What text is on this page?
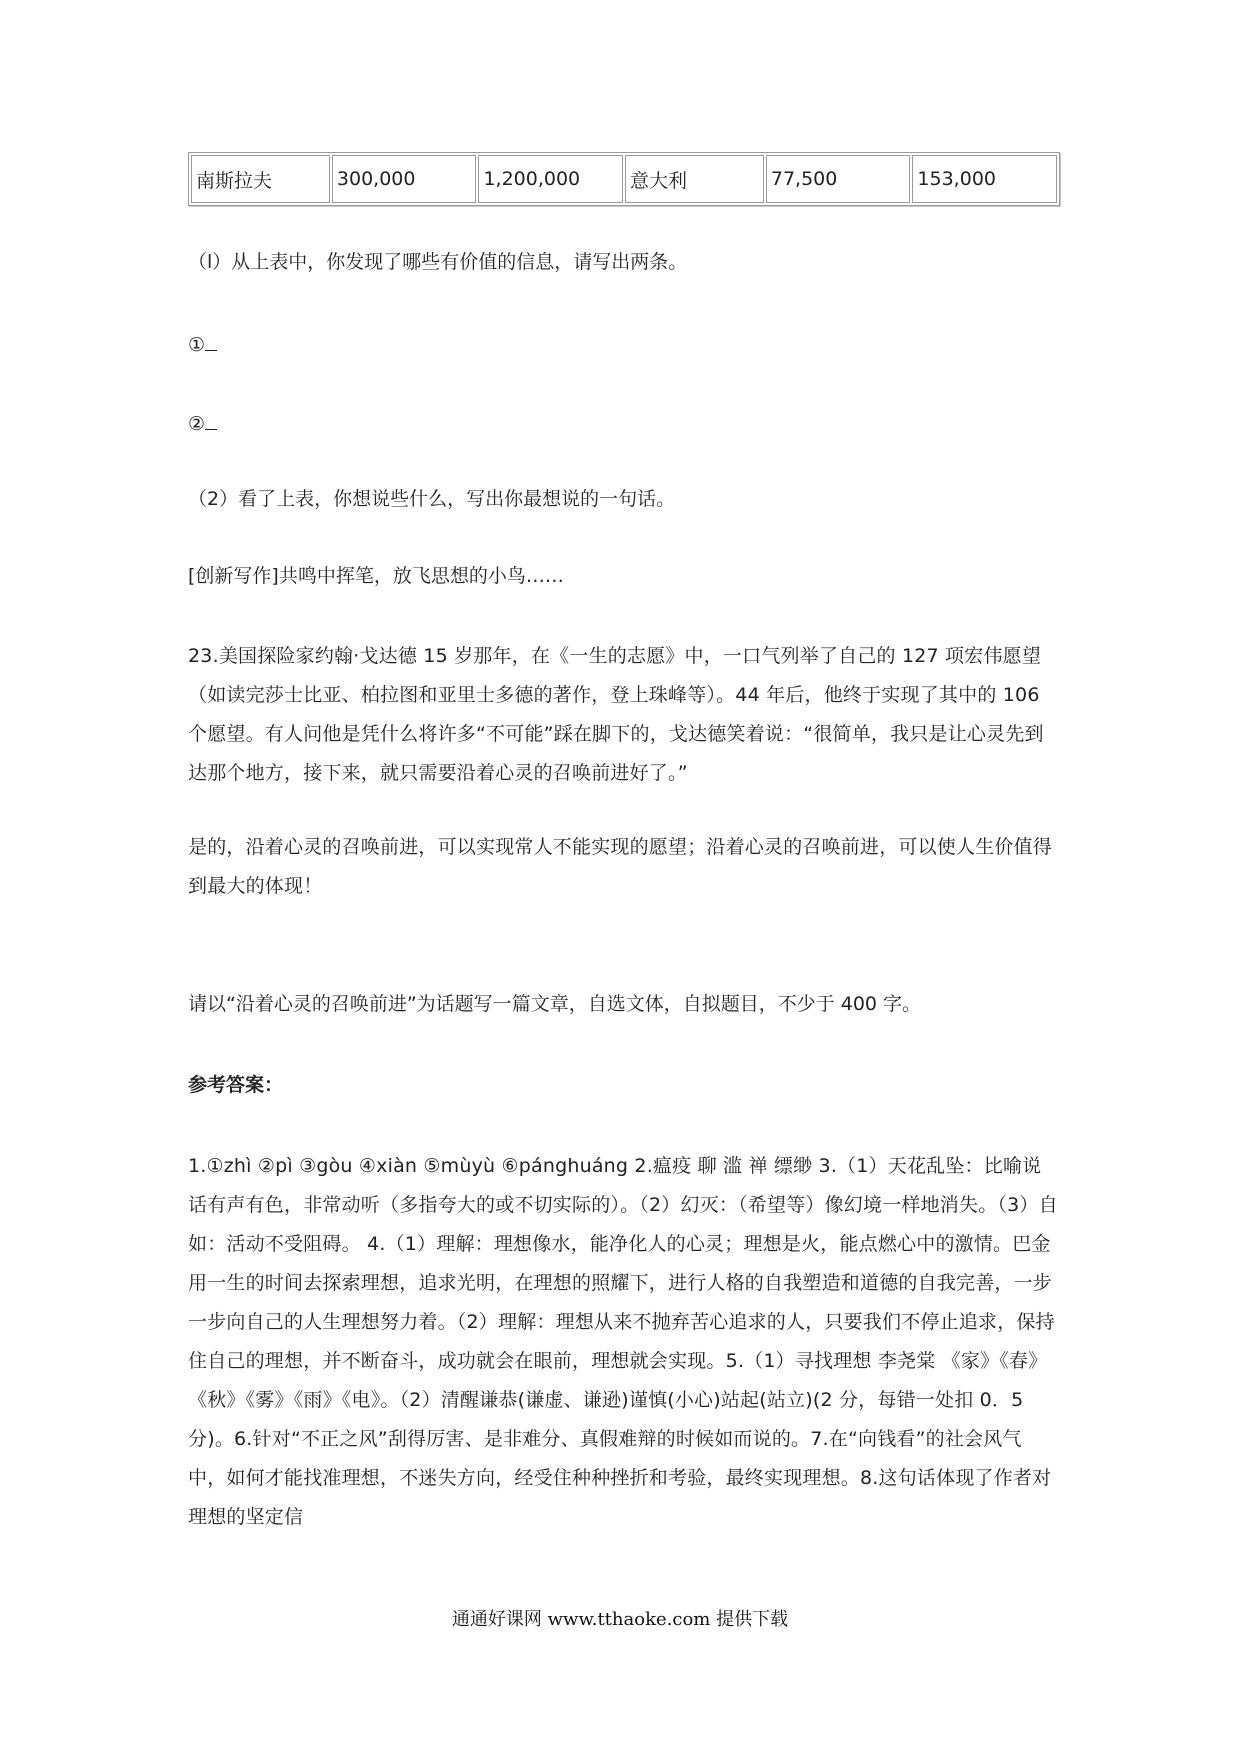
南斯拉夫	300,000	1,200,000	意大利	77,500	153,000

（l）从上表中，你发现了哪些有价值的信息，请写出两条。

①

②

（2）看了上表，你想说些什么，写出你最想说的一句话。

[创新写作]共鸣中挥笔，放飞思想的小鸟……

23.美国探险家约翰·戈达德 15 岁那年，在《一生的志愿》中，一口气列举了自己的 127 项宏伟愿望（如读完莎士比亚、柏拉图和亚里士多德的著作，登上珠峰等）。44 年后，他终于实现了其中的 106 个愿望。有人问他是凭什么将许多“不可能”踩在脚下的，戈达德笑着说：“很简单，我只是让心灵先到达那个地方，接下来，就只需要沿着心灵的召唤前进好了。”

是的，沿着心灵的召唤前进，可以实现常人不能实现的愿望；沿着心灵的召唤前进，可以使人生价值得到最大的体现！

请以“沿着心灵的召唤前进”为话题写一篇文章，自选文体，自拟题目，不少于 400 字。

参考答案：

1.①zhì ②pì ③gòu ④xiàn ⑤mùyù ⑥pánghuáng 2.瘟疫 聊 滥 禅 缥缈 3.（1）天花乱坠：比喻说话有声有色，非常动听（多指夸大的或不切实际的）。（2）幻灭：（希望等）像幻境一样地消失。（3）自如：活动不受阻碍。 4.（1）理解：理想像水，能净化人的心灵；理想是火，能点燃心中的激情。巴金用一生的时间去探索理想，追求光明，在理想的照耀下，进行人格的自我塑造和道德的自我完善，一步一步向自己的人生理想努力着。（2）理解：理想从来不抛弃苦心追求的人，只要我们不停止追求，保持住自己的理想，并不断奋斗，成功就会在眼前，理想就会实现。5.（1）寻找理想 李尧棠 《家》《春》《秋》《雾》《雨》《电》。（2）清醒谦恭(谦虚、谦逊)谨慎(小心)站起(站立)(2 分，每错一处扣 0．5 分)。6.针对“不正之风”刮得厉害、是非难分、真假难辩的时候如而说的。7.在“向钱看”的社会风气中，如何才能找准理想，不迷失方向，经受住种种挫折和考验，最终实现理想。8.这句话体现了作者对理想的坚定信

通通好课网 www.tthaoke.com 提供下载
